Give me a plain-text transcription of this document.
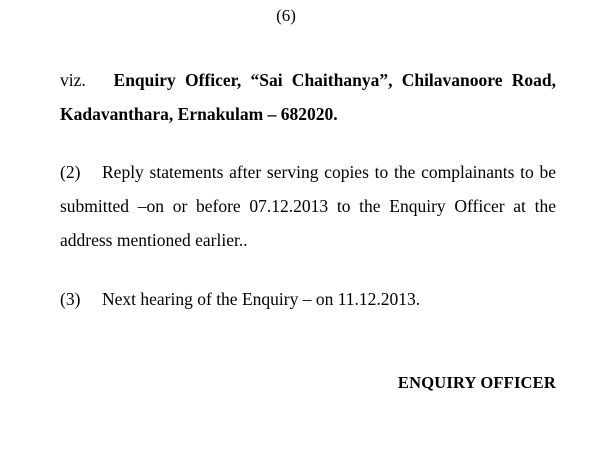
(6)
viz. Enquiry Officer, “Sai Chaithanya”, Chilavanoore Road, Kadavanthara, Ernakulam – 682020.
(2) Reply statements after serving copies to the complainants to be submitted –on or before 07.12.2013 to the Enquiry Officer at the address mentioned earlier..
(3) Next hearing of the Enquiry – on 11.12.2013.
ENQUIRY OFFICER
